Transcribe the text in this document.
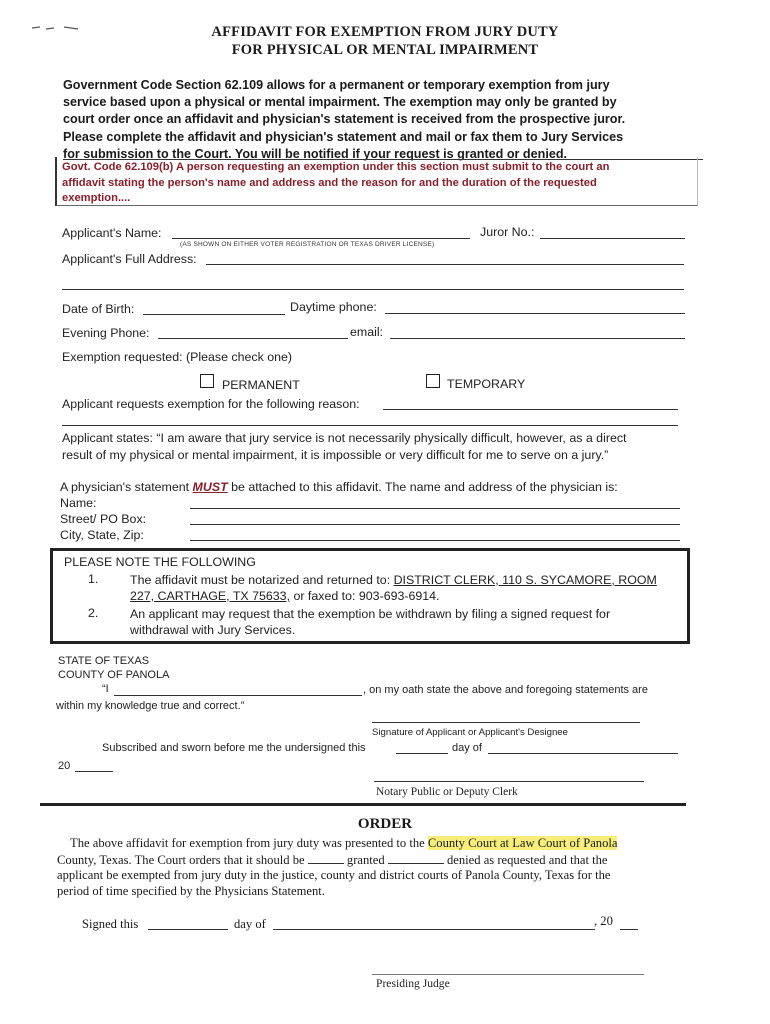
AFFIDAVIT FOR EXEMPTION FROM JURY DUTY
FOR PHYSICAL OR MENTAL IMPAIRMENT
Government Code Section 62.109 allows for a permanent or temporary exemption from jury
service based upon a physical or mental impairment. The exemption may only be granted by
court order once an affidavit and physician's statement is received from the prospective juror.
Please complete the affidavit and physician's statement and mail or fax them to Jury Services
for submission to the Court. You will be notified if your request is granted or denied.
Govt. Code 62.109(b) A person requesting an exemption under this section must submit to the court an
affidavit stating the person's name and address and the reason for and the duration of the requested
exemption....
Applicant's Name:	Juror No.:
(AS SHOWN ON EITHER VOTER REGISTRATION OR TEXAS DRIVER LICENSE)
Applicant's Full Address:
Date of Birth:	Daytime phone:
Evening Phone:	email:
Exemption requested: (Please check one)
PERMANENT	TEMPORARY
Applicant requests exemption for the following reason:
Applicant states: “I am aware that jury service is not necessarily physically difficult, however, as a direct
result of my physical or mental impairment, it is impossible or very difficult for me to serve on a jury.”
A physician's statement MUST be attached to this affidavit. The name and address of the physician is:
Name:
Street/ PO Box:
City, State, Zip:
PLEASE NOTE THE FOLLOWING
1.	The affidavit must be notarized and returned to: DISTRICT CLERK, 110 S. SYCAMORE, ROOM
227, CARTHAGE, TX 75633, or faxed to: 903-693-6914.
2.	An applicant may request that the exemption be withdrawn by filing a signed request for
withdrawal with Jury Services.
STATE OF TEXAS
COUNTY OF PANOLA
“I	, on my oath state the above and foregoing statements are
within my knowledge true and correct.”
Signature of Applicant or Applicant's Designee
Subscribed and sworn before me the undersigned this	day of
20
Notary Public or Deputy Clerk
ORDER
The above affidavit for exemption from jury duty was presented to the County Court at Law Court of Panola
County, Texas. The Court orders that it should be	granted	denied as requested and that the
applicant be exempted from jury duty in the justice, county and district courts of Panola County, Texas for the
period of time specified by the Physicians Statement.
Signed this	day of	, 20
Presiding Judge
